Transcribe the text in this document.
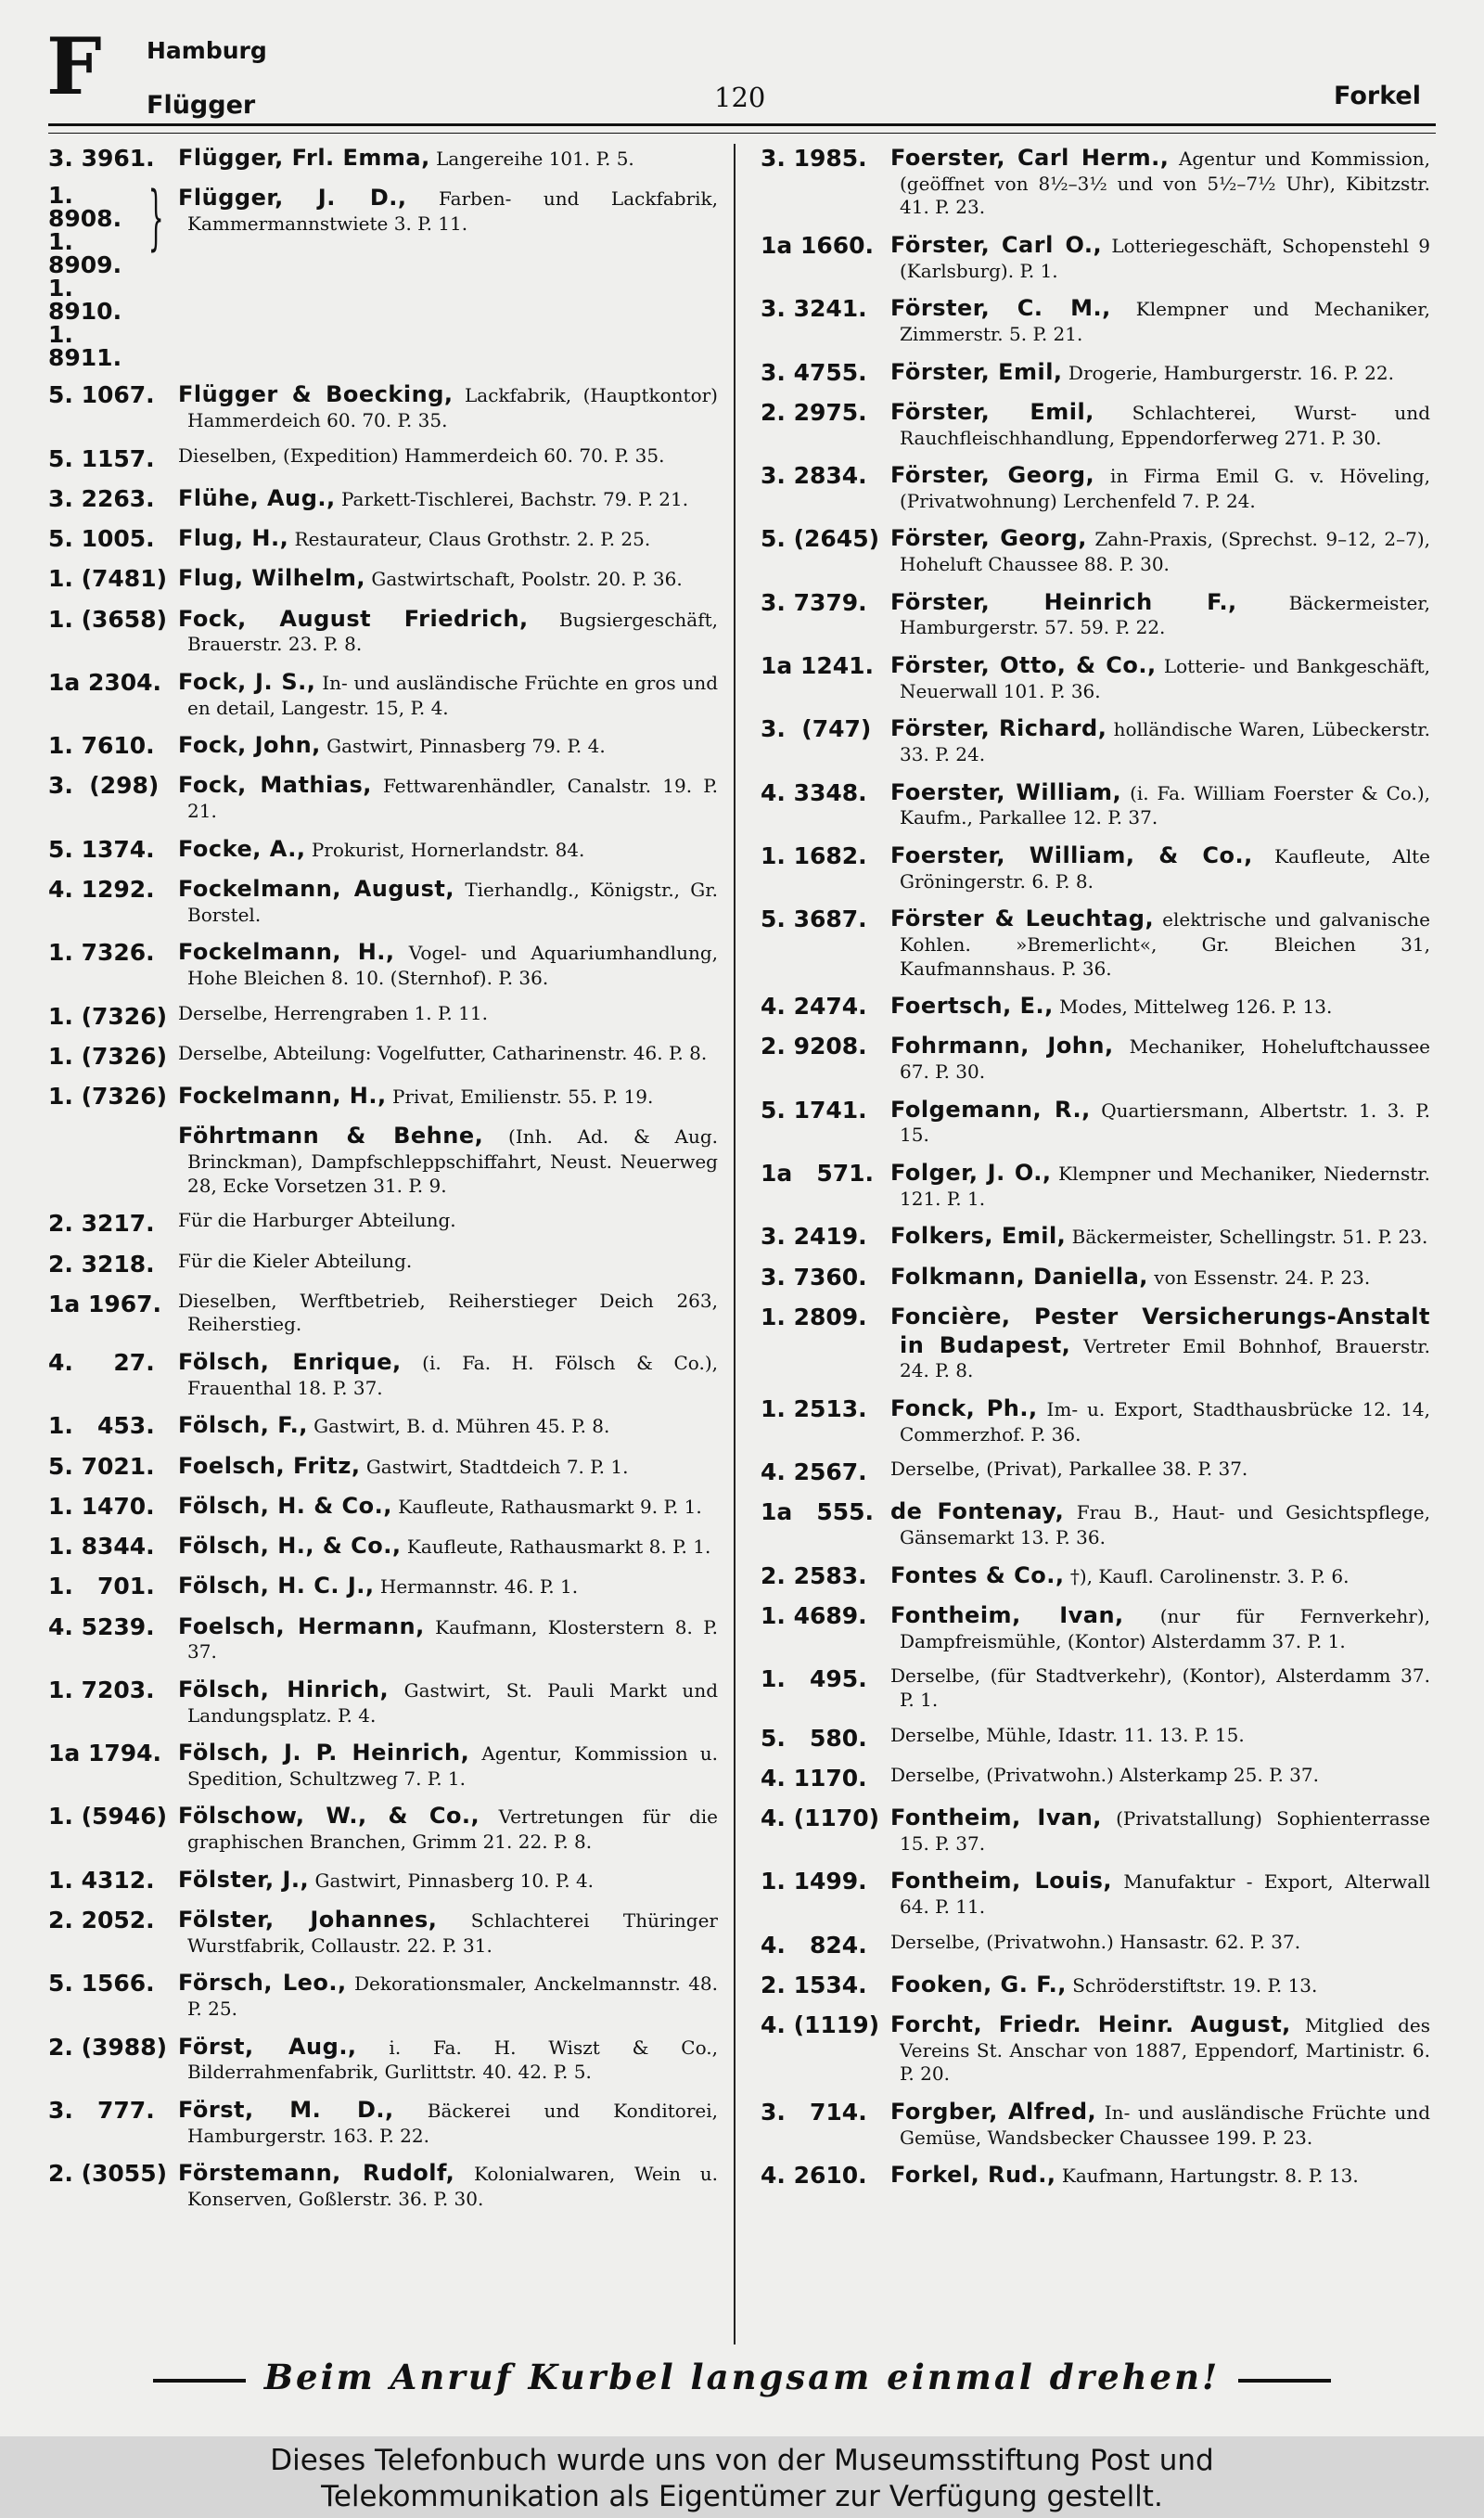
F Hamburg
Flügger	120	Forkel
3. 3961.	Flügger, Frl. Emma, Langereihe 101. P. 5.
1. 8908.
1. 8909.
1. 8910.
1. 8911.
} Flügger, J. D., Farben- und Lackfabrik, Kammermannstwiete 3. P. 11.
5. 1067.	Flügger & Boecking, Lackfabrik, (Hauptkontor) Hammerdeich 60. 70. P. 35.
5. 1157.	Dieselben, (Expedition) Hammerdeich 60. 70. P. 35.
3. 2263.	Flühe, Aug., Parkett-Tischlerei, Bachstr. 79. P. 21.
5. 1005.	Flug, H., Restaurateur, Claus Grothstr. 2. P. 25.
1. (7481) Flug, Wilhelm, Gastwirtschaft, Poolstr. 20. P. 36.
1. (3658) Fock, August Friedrich, Bugsiergeschäft, Brauerstr. 23. P. 8.
1a 2304. Fock, J. S., In- und ausländische Früchte en gros und en detail, Langestr. 15, P. 4.
1. 7610.	Fock, John, Gastwirt, Pinnasberg 79. P. 4.
3.  (298) Fock, Mathias, Fettwarenhändler, Canalstr. 19. P. 21.
5. 1374.	Focke, A., Prokurist, Hornerlandstr. 84.
4. 1292.	Fockelmann, August, Tierhandlg., Königstr., Gr. Borstel.
1. 7326.	Fockelmann, H., Vogel- und Aquariumhandlung, Hohe Bleichen 8. 10. (Sternhof). P. 36.
1. (7326) Derselbe, Herrengraben 1. P. 11.
1. (7326) Derselbe, Abteilung: Vogelfutter, Catharinenstr. 46. P. 8.
1. (7326) Fockelmann, H., Privat, Emilienstr. 55. P. 19.
Föhrtmann & Behne, (Inh. Ad. & Aug. Brinckman), Dampfschleppschiffahrt, Neust. Neuerweg 28, Ecke Vorsetzen 31. P. 9.
2. 3217.	Für die Harburger Abteilung.
2. 3218.	Für die Kieler Abteilung.
1a 1967. Dieselben, Werftbetrieb, Reiherstieger Deich 263, Reiherstieg.
4.     27.	Fölsch, Enrique, (i. Fa. H. Fölsch & Co.), Frauenthal 18. P. 37.
1.   453.	Fölsch, F., Gastwirt, B. d. Mühren 45. P. 8.
5. 7021.	Foelsch, Fritz, Gastwirt, Stadtdeich 7. P. 1.
1. 1470.	Fölsch, H. & Co., Kaufleute, Rathausmarkt 9. P. 1.
1. 8344.	Fölsch, H., & Co., Kaufleute, Rathausmarkt 8. P. 1.
1.   701.	Fölsch, H. C. J., Hermannstr. 46. P. 1.
4. 5239.	Foelsch, Hermann, Kaufmann, Klosterstern 8. P. 37.
1. 7203.	Fölsch, Hinrich, Gastwirt, St. Pauli Markt und Landungsplatz. P. 4.
1a 1794. Fölsch, J. P. Heinrich, Agentur, Kommission u. Spedition, Schultzweg 7. P. 1.
1. (5946) Fölschow, W., & Co., Vertretungen für die graphischen Branchen, Grimm 21. 22. P. 8.
1. 4312.	Fölster, J., Gastwirt, Pinnasberg 10. P. 4.
2. 2052.	Fölster, Johannes, Schlachterei Thüringer Wurstfabrik, Collaustr. 22. P. 31.
5. 1566.	Försch, Leo., Dekorationsmaler, Anckelmannstr. 48. P. 25.
2. (3988) Först, Aug., i. Fa. H. Wiszt & Co., Bilderrahmenfabrik, Gurlittstr. 40. 42. P. 5.
3.   777.	Först, M. D., Bäckerei und Konditorei, Hamburgerstr. 163. P. 22.
2. (3055) Förstemann, Rudolf, Kolonialwaren, Wein u. Konserven, Goßlerstr. 36. P. 30.
3. 1985.	Foerster, Carl Herm., Agentur und Kommission, (geöffnet von 8½–3½ und von 5½–7½ Uhr), Kibitzstr. 41. P. 23.
1a 1660. Förster, Carl O., Lotteriegeschäft, Schopenstehl 9 (Karlsburg). P. 1.
3. 3241.	Förster, C. M., Klempner und Mechaniker, Zimmerstr. 5. P. 21.
3. 4755.	Förster, Emil, Drogerie, Hamburgerstr. 16. P. 22.
2. 2975.	Förster, Emil, Schlachterei, Wurst- und Rauchfleischhandlung, Eppendorferweg 271. P. 30.
3. 2834.	Förster, Georg, in Firma Emil G. v. Höveling, (Privatwohnung) Lerchenfeld 7. P. 24.
5. (2645) Förster, Georg, Zahn-Praxis, (Sprechst. 9–12, 2–7), Hoheluft Chaussee 88. P. 30.
3. 7379.	Förster, Heinrich F.,	Bäckermeister, Hamburgerstr. 57. 59. P. 22.
1a 1241. Förster, Otto, & Co., Lotterie- und Bankgeschäft, Neuerwall 101. P. 36.
3.  (747) Förster, Richard, holländische Waren, Lübeckerstr. 33. P. 24.
4. 3348.	Foerster, William, (i. Fa. William Foerster & Co.), Kaufm., Parkallee 12. P. 37.
1. 1682.	Foerster, William, & Co., Kaufleute, Alte Gröningerstr. 6. P. 8.
5. 3687.	Förster & Leuchtag, elektrische und galvanische Kohlen. »Bremerlicht«, Gr. Bleichen 31, Kaufmannshaus. P. 36.
4. 2474.	Foertsch, E., Modes, Mittelweg 126. P. 13.
2. 9208.	Fohrmann, John, Mechaniker, Hoheluftchaussee 67. P. 30.
5. 1741.	Folgemann, R., Quartiersmann, Albertstr. 1. 3. P. 15.
1a   571. Folger, J. O., Klempner und Mechaniker, Niedernstr. 121. P. 1.
3. 2419.	Folkers, Emil, Bäckermeister, Schellingstr. 51. P. 23.
3. 7360.	Folkmann, Daniella, von Essenstr. 24. P. 23.
1. 2809.	Foncière, Pester Versicherungs-Anstalt in Budapest, Vertreter Emil Bohnhof, Brauerstr. 24. P. 8.
1. 2513.	Fonck, Ph., Im- u. Export, Stadthausbrücke 12. 14, Commerzhof. P. 36.
4. 2567.	Derselbe, (Privat), Parkallee 38. P. 37.
1a   555. de Fontenay, Frau B., Haut- und Gesichtspflege, Gänsemarkt 13. P. 36.
2. 2583.	Fontes & Co., †), Kaufl. Carolinenstr. 3. P. 6.
1. 4689.	Fontheim, Ivan, (nur für Fernverkehr), Dampfreismühle, (Kontor) Alsterdamm 37. P. 1.
1.   495.	Derselbe, (für Stadtverkehr), (Kontor), Alsterdamm 37. P. 1.
5.   580.	Derselbe, Mühle, Idastr. 11. 13. P. 15.
4. 1170.	Derselbe, (Privatwohn.) Alsterkamp 25. P. 37.
4. (1170) Fontheim, Ivan, (Privatstallung) Sophienterrasse 15. P. 37.
1. 1499.	Fontheim, Louis, Manufaktur - Export, Alterwall 64. P. 11.
4.   824.	Derselbe, (Privatwohn.) Hansastr. 62. P. 37.
2. 1534.	Fooken, G. F., Schröderstiftstr. 19. P. 13.
4. (1119) Forcht, Friedr. Heinr. August, Mitglied des Vereins St. Anschar von 1887, Eppendorf, Martinistr. 6. P. 20.
3.   714.	Forgber, Alfred, In- und ausländische Früchte und Gemüse, Wandsbecker Chaussee 199. P. 23.
4. 2610.	Forkel, Rud., Kaufmann, Hartungstr. 8. P. 13.
Beim Anruf Kurbel langsam einmal drehen!
Dieses Telefonbuch wurde uns von der Museumsstiftung Post und
Telekommunikation als Eigentümer zur Verfügung gestellt.
